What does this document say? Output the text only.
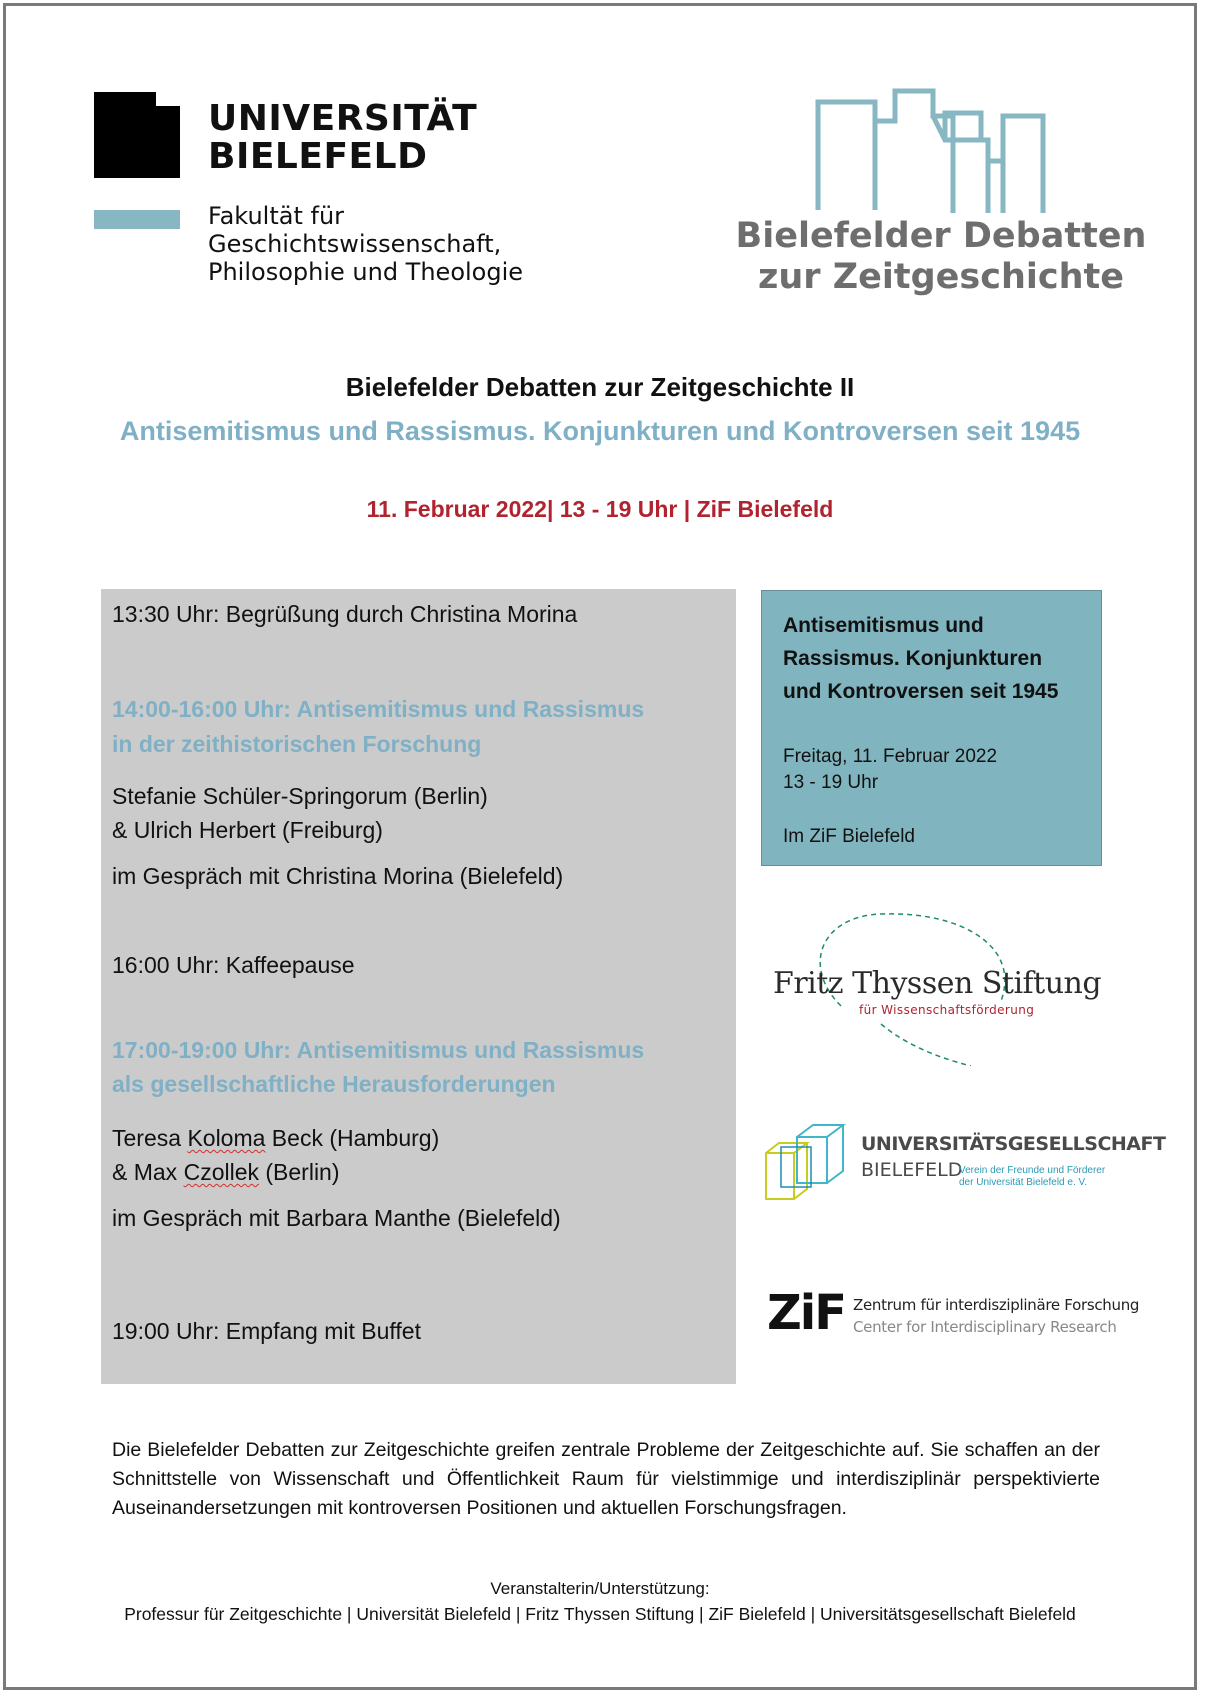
UNIVERSITÄT
BIELEFELD
Fakultät für
Geschichtswissenschaft,
Philosophie und Theologie
Bielefelder Debatten
zur Zeitgeschichte
Bielefelder Debatten zur Zeitgeschichte II
Antisemitismus und Rassismus. Konjunkturen und Kontroversen seit 1945
11. Februar 2022| 13 - 19 Uhr | ZiF Bielefeld
13:30 Uhr: Begrüßung durch Christina Morina
14:00-16:00 Uhr: Antisemitismus und Rassismus
in der zeithistorischen Forschung
Stefanie Schüler-Springorum (Berlin)
& Ulrich Herbert (Freiburg)
im Gespräch mit Christina Morina (Bielefeld)
16:00 Uhr: Kaffeepause
17:00-19:00 Uhr: Antisemitismus und Rassismus
als gesellschaftliche Herausforderungen
Teresa Koloma Beck (Hamburg)
& Max Czollek (Berlin)
im Gespräch mit Barbara Manthe (Bielefeld)
19:00 Uhr: Empfang mit Buffet
Antisemitismus und Rassismus. Konjunkturen und Kontroversen seit 1945
Freitag, 11. Februar 2022
13 - 19 Uhr
Im ZiF Bielefeld
Fritz Thyssen Stiftung
für Wissenschaftsförderung
UNIVERSITÄTSGESELLSCHAFT
BIELEFELD
Verein der Freunde und Förderer
der Universität Bielefeld e. V.
ZiF Zentrum für interdisziplinäre Forschung
Center for Interdisciplinary Research
Die Bielefelder Debatten zur Zeitgeschichte greifen zentrale Probleme der Zeitgeschichte auf. Sie schaffen an der Schnittstelle von Wissenschaft und Öffentlichkeit Raum für vielstimmige und interdisziplinär perspektivierte Auseinandersetzungen mit kontroversen Positionen und aktuellen Forschungsfragen.
Veranstalterin/Unterstützung:
Professur für Zeitgeschichte | Universität Bielefeld | Fritz Thyssen Stiftung | ZiF Bielefeld | Universitätsgesellschaft Bielefeld
